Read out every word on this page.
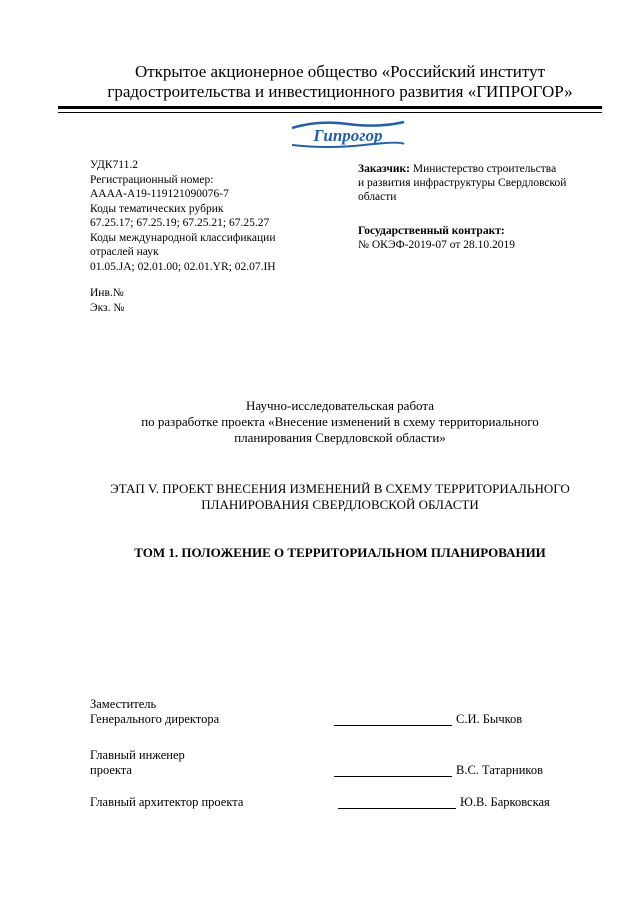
Открытое акционерное общество «Российский институт
градостроительства и инвестиционного развития «ГИПРОГОР»
Гипрогор
УДК711.2
Регистрационный номер:
АААА-А19-119121090076-7
Коды тематических рубрик
67.25.17; 67.25.19; 67.25.21; 67.25.27
Коды международной классификации
отраслей наук
01.05.JA; 02.01.00; 02.01.YR; 02.07.IH
Инв.№
Экз. №
Заказчик: Министерство строительства
и развития инфраструктуры Свердловской
области
Государственный контракт:
№ ОКЭФ-2019-07 от 28.10.2019
Научно-исследовательская работа
по разработке проекта «Внесение изменений в схему территориального
планирования Свердловской области»
ЭТАП V. ПРОЕКТ ВНЕСЕНИЯ ИЗМЕНЕНИЙ В СХЕМУ ТЕРРИТОРИАЛЬНОГО
ПЛАНИРОВАНИЯ СВЕРДЛОВСКОЙ ОБЛАСТИ
ТОМ 1. ПОЛОЖЕНИЕ О ТЕРРИТОРИАЛЬНОМ ПЛАНИРОВАНИИ
Заместитель
Генерального директора	С.И. Бычков
Главный инженер
проекта	В.С. Татарников
Главный архитектор проекта	Ю.В. Барковская
